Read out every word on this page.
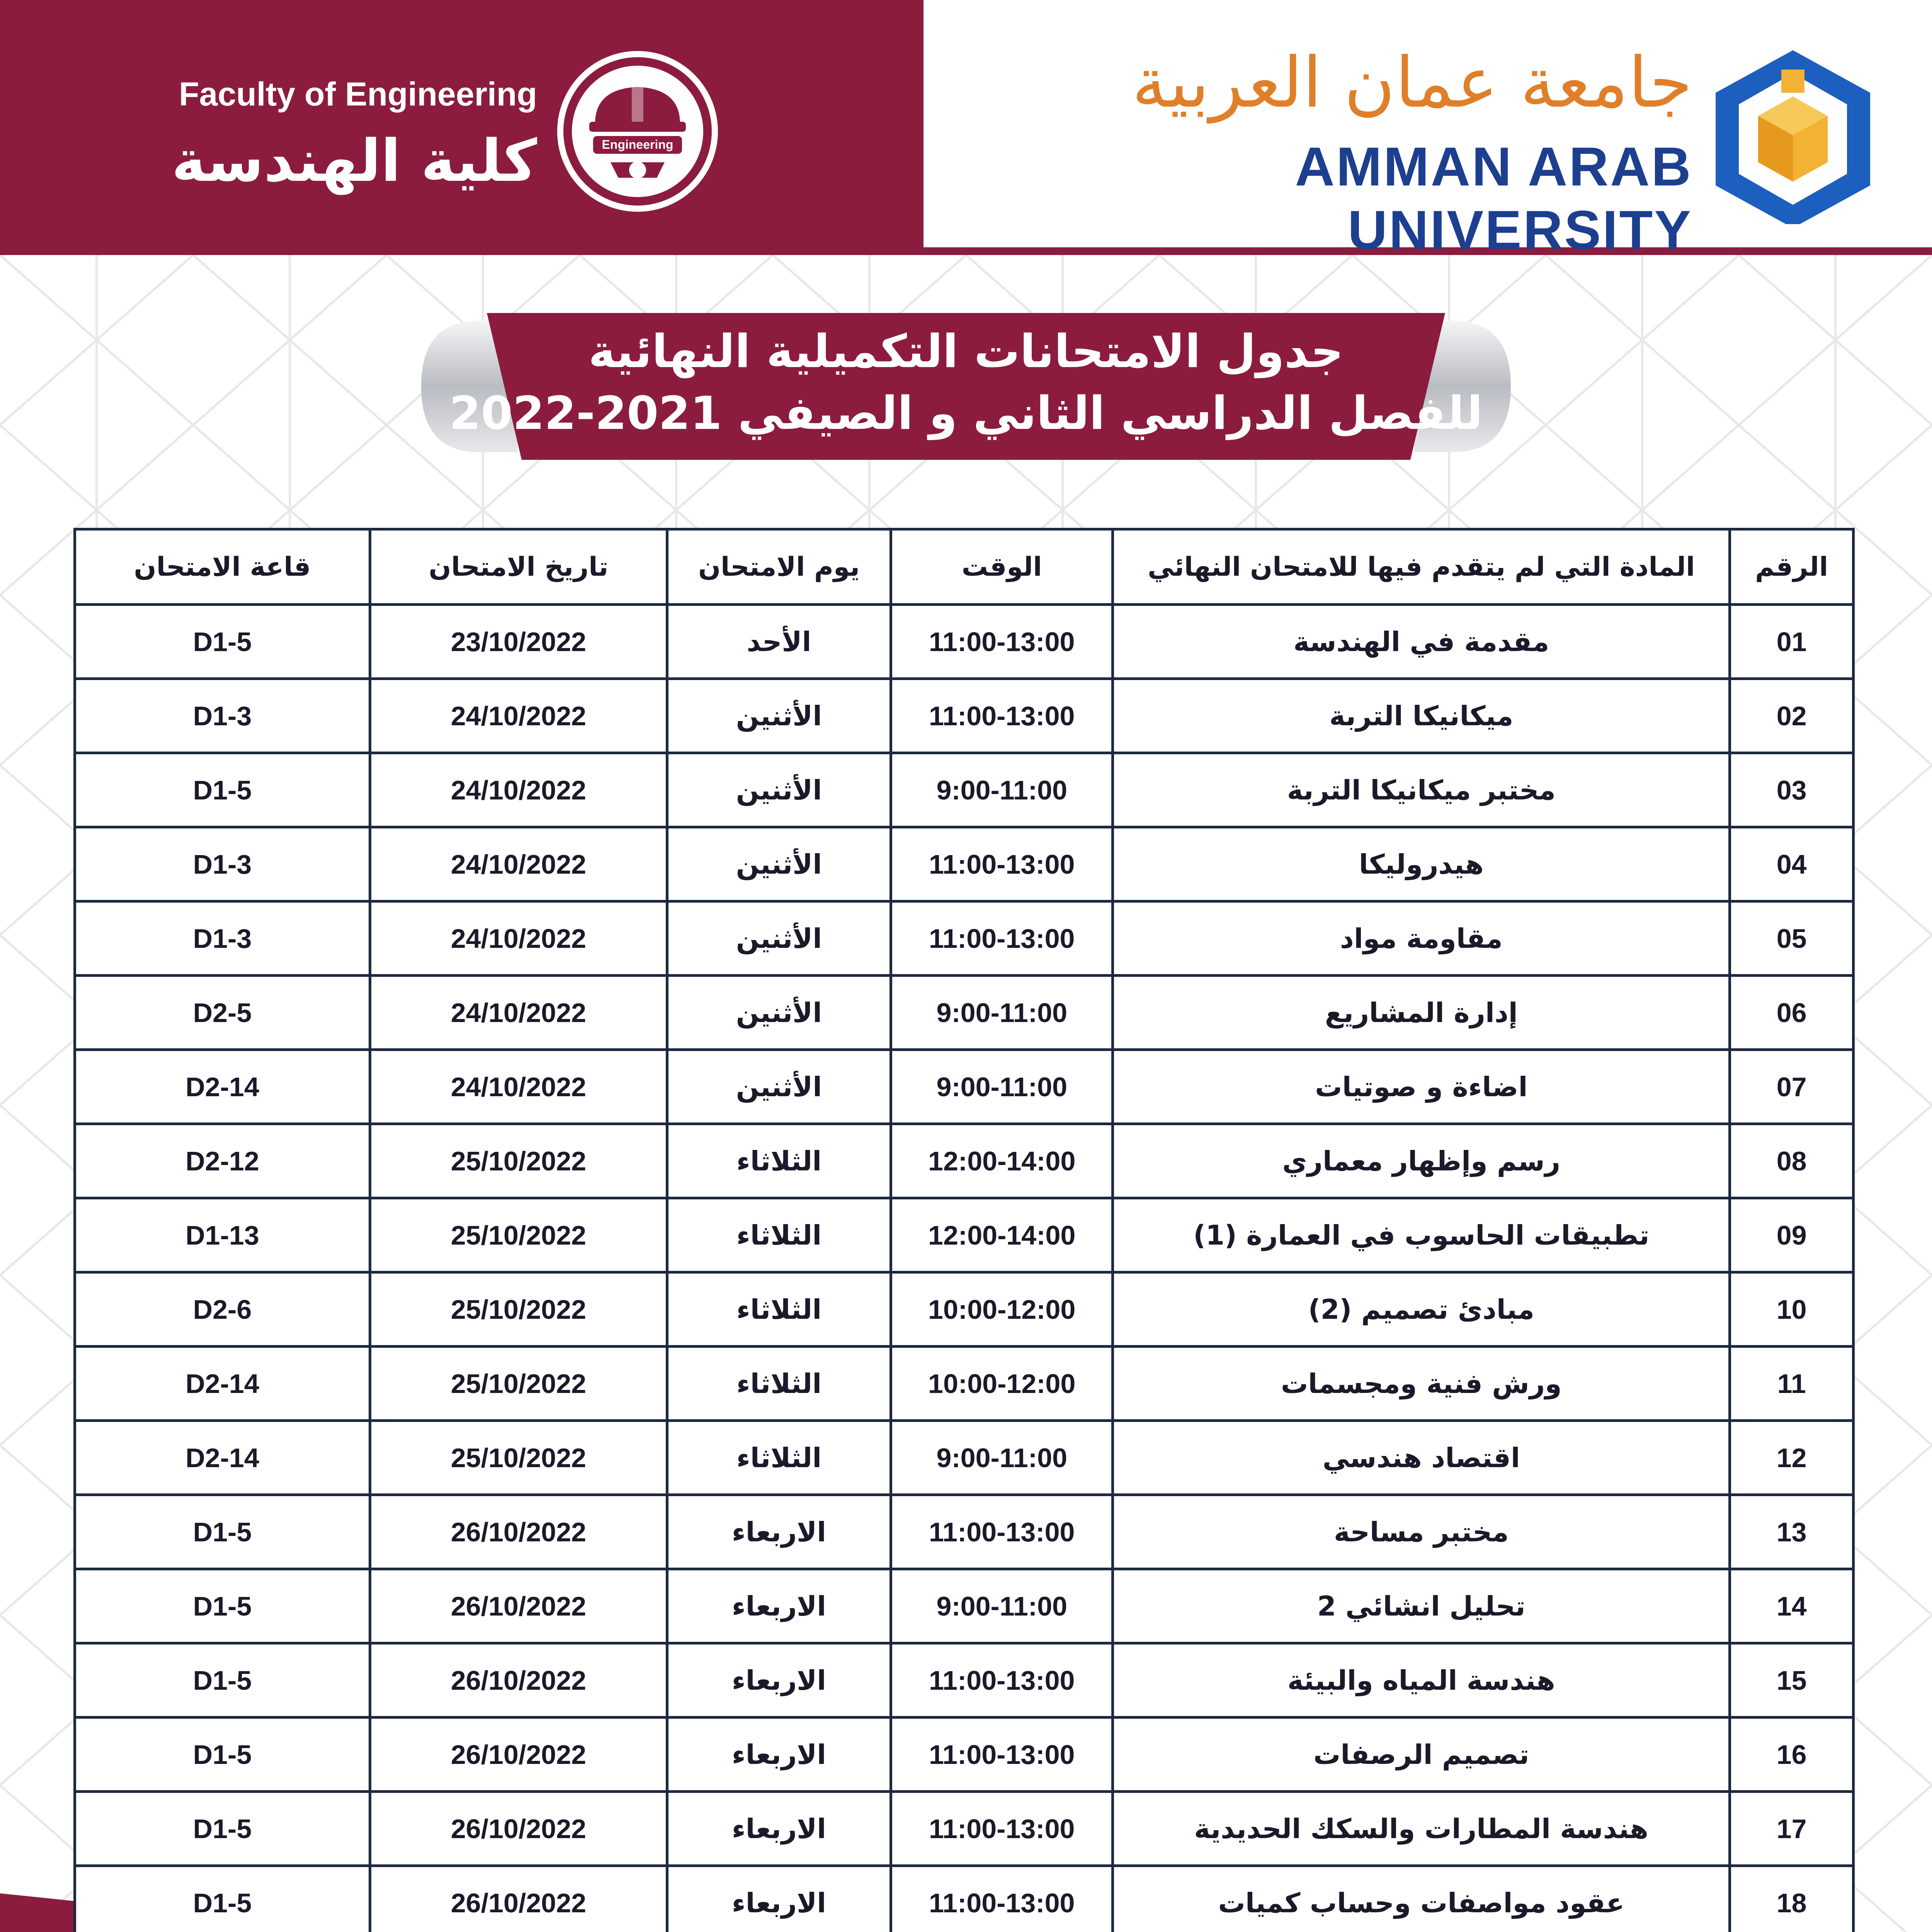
Faculty of Engineering
كلية الهندسة	Engineering
جامعة عمان العربية
AMMAN ARAB UNIVERSITY
جدول الامتحانات التكميلية النهائية
للفصل الدراسي الثاني و الصيفي 2021-2022
الرقم	المادة التي لم يتقدم فيها للامتحان النهائي	الوقت	يوم الامتحان	تاريخ الامتحان	قاعة الامتحان
01	مقدمة في الهندسة	11:00-13:00	الأحد	23/10/2022	D1-5
02	ميكانيكا التربة	11:00-13:00	الأثنين	24/10/2022	D1-3
03	مختبر ميكانيكا التربة	9:00-11:00	الأثنين	24/10/2022	D1-5
04	هيدروليكا	11:00-13:00	الأثنين	24/10/2022	D1-3
05	مقاومة مواد	11:00-13:00	الأثنين	24/10/2022	D1-3
06	إدارة المشاريع	9:00-11:00	الأثنين	24/10/2022	D2-5
07	اضاءة و صوتيات	9:00-11:00	الأثنين	24/10/2022	D2-14
08	رسم وإظهار معماري	12:00-14:00	الثلاثاء	25/10/2022	D2-12
09	تطبيقات الحاسوب في العمارة (1)	12:00-14:00	الثلاثاء	25/10/2022	D1-13
10	مبادئ تصميم (2)	10:00-12:00	الثلاثاء	25/10/2022	D2-6
11	ورش فنية ومجسمات	10:00-12:00	الثلاثاء	25/10/2022	D2-14
12	اقتصاد هندسي	9:00-11:00	الثلاثاء	25/10/2022	D2-14
13	مختبر مساحة	11:00-13:00	الاربعاء	26/10/2022	D1-5
14	تحليل انشائي 2	9:00-11:00	الاربعاء	26/10/2022	D1-5
15	هندسة المياه والبيئة	11:00-13:00	الاربعاء	26/10/2022	D1-5
16	تصميم الرصفات	11:00-13:00	الاربعاء	26/10/2022	D1-5
17	هندسة المطارات والسكك الحديدية	11:00-13:00	الاربعاء	26/10/2022	D1-5
18	عقود مواصفات وحساب كميات	11:00-13:00	الاربعاء	26/10/2022	D1-5
